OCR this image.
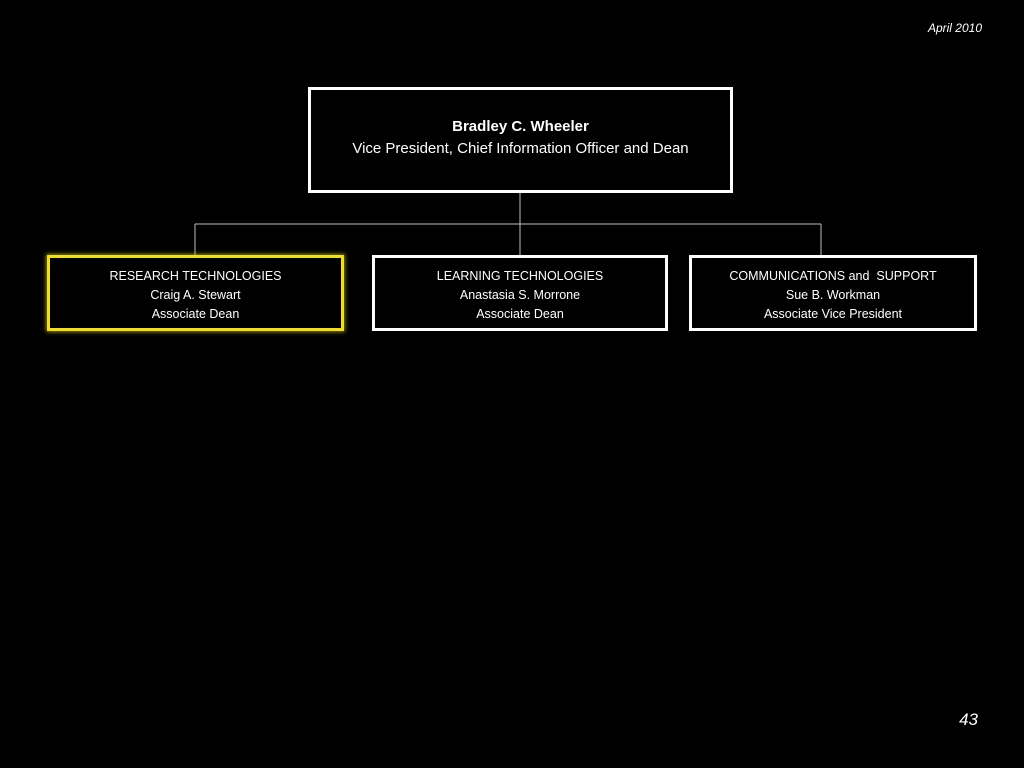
April 2010
Bradley C. Wheeler
Vice President, Chief Information Officer and Dean
RESEARCH TECHNOLOGIES
Craig A. Stewart
Associate Dean
LEARNING TECHNOLOGIES
Anastasia S. Morrone
Associate Dean
COMMUNICATIONS and  SUPPORT
Sue B. Workman
Associate Vice President
43
